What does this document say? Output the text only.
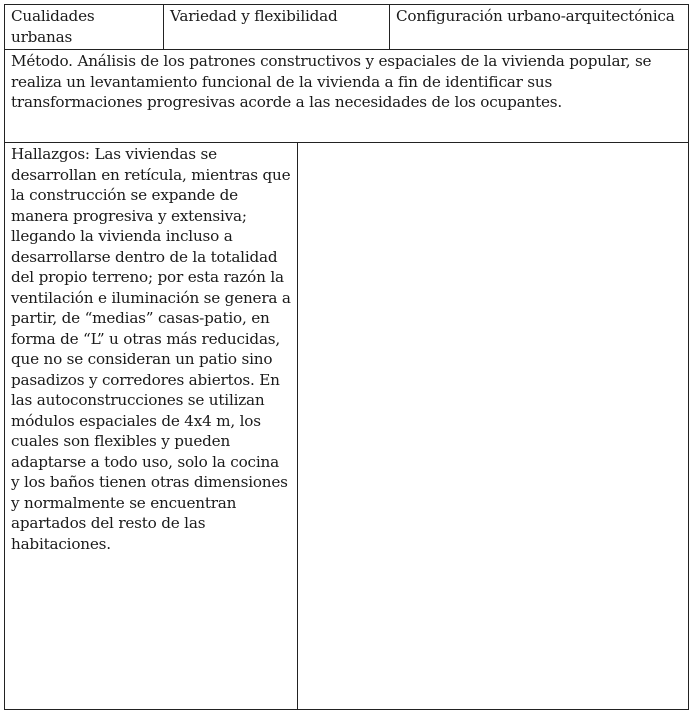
Cualidades urbanas
Variedad y flexibilidad	Configuración urbano-arquitectónica
Método. Análisis de los patrones constructivos y espaciales de la vivienda popular, se realiza un levantamiento funcional de la vivienda a fin de identificar sus transformaciones progresivas acorde a las necesidades de los ocupantes.
Hallazgos: Las viviendas se desarrollan en retícula, mientras que la construcción se expande de manera progresiva y extensiva; llegando la vivienda incluso a desarrollarse dentro de la totalidad del propio terreno; por esta razón la ventilación e iluminación se genera a partir, de “medias” casas-patio, en forma de “L” u otras más reducidas, que no se consideran un patio sino pasadizos y corredores abiertos. En las autoconstrucciones se utilizan módulos espaciales de 4x4 m, los cuales son flexibles y pueden adaptarse a todo uso, solo la cocina y los baños tienen otras dimensiones y normalmente se encuentran apartados del resto de las habitaciones.
